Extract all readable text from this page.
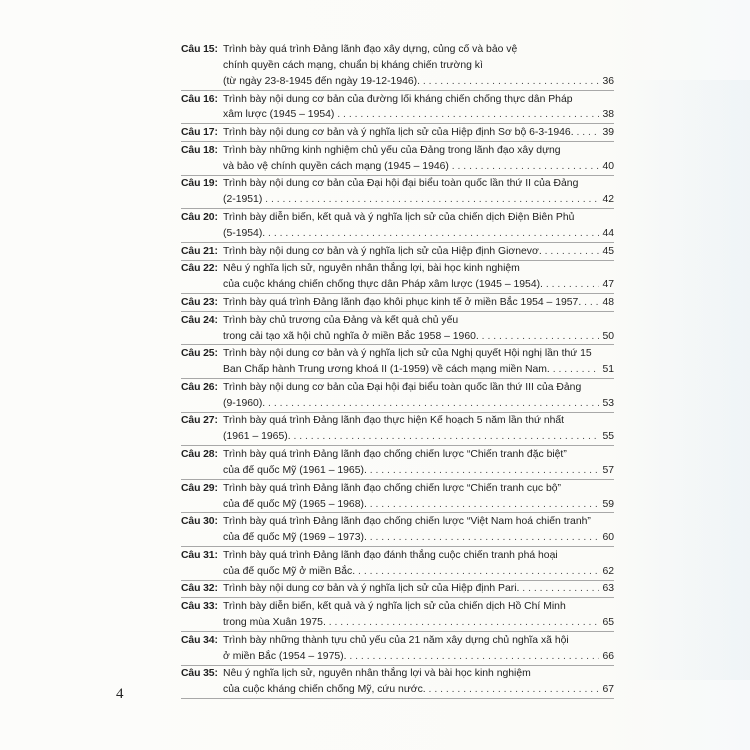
Câu 15: Trình bày quá trình Đảng lãnh đạo xây dựng, củng cố và bảo vệ
chính quyền cách mạng, chuẩn bị kháng chiến trường kì
(từ ngày 23-8-1945 đến ngày 19-12-1946). . . .	36
Câu 16: Trình bày nội dung cơ bản của đường lối kháng chiến chống thực dân Pháp
xâm lược (1945 – 1954) . . .	38
Câu 17: Trình bày nội dung cơ bản và ý nghĩa lịch sử của Hiệp định Sơ bộ 6-3-1946. . . .	39
Câu 18: Trình bày những kinh nghiệm chủ yếu của Đảng trong lãnh đạo xây dựng
và bảo vệ chính quyền cách mạng (1945 – 1946) . . .	40
Câu 19: Trình bày nội dung cơ bản của Đại hội đại biểu toàn quốc lần thứ II của Đảng
(2-1951) . . .	42
Câu 20: Trình bày diễn biến, kết quả và ý nghĩa lịch sử của chiến dịch Điện Biên Phủ
(5-1954). . . .	44
Câu 21: Trình bày nội dung cơ bản và ý nghĩa lịch sử của Hiệp định Giơnevơ. . . .	45
Câu 22: Nêu ý nghĩa lịch sử, nguyên nhân thắng lợi, bài học kinh nghiệm
của cuộc kháng chiến chống thực dân Pháp xâm lược (1945 – 1954). . . .	47
Câu 23: Trình bày quá trình Đảng lãnh đạo khôi phục kinh tế ở miền Bắc 1954 – 1957. . . . 48
Câu 24: Trình bày chủ trương của Đảng và kết quả chủ yếu
trong cải tạo xã hội chủ nghĩa ở miền Bắc 1958 – 1960. . . .	50
Câu 25: Trình bày nội dung cơ bản và ý nghĩa lịch sử của Nghị quyết Hội nghị lần thứ 15
Ban Chấp hành Trung ương khoá II (1-1959) về cách mạng miền Nam. . . .	51
Câu 26: Trình bày nội dung cơ bản của Đại hội đại biểu toàn quốc lần thứ III của Đảng
(9-1960). . . .	53
Câu 27: Trình bày quá trình Đảng lãnh đạo thực hiện Kế hoạch 5 năm lần thứ nhất
(1961 – 1965). . . .	55
Câu 28: Trình bày quá trình Đảng lãnh đạo chống chiến lược “Chiến tranh đặc biệt”
của đế quốc Mỹ (1961 – 1965). . . .	57
Câu 29: Trình bày quá trình Đảng lãnh đạo chống chiến lược “Chiến tranh cục bộ”
của đế quốc Mỹ (1965 – 1968). . . .	59
Câu 30: Trình bày quá trình Đảng lãnh đạo chống chiến lược “Việt Nam hoá chiến tranh”
của đế quốc Mỹ (1969 – 1973). . . .	60
Câu 31: Trình bày quá trình Đảng lãnh đạo đánh thắng cuộc chiến tranh phá hoại
của đế quốc Mỹ ở miền Bắc. . . .	62
Câu 32: Trình bày nội dung cơ bản và ý nghĩa lịch sử của Hiệp định Pari. . . .	63
Câu 33: Trình bày diễn biến, kết quả và ý nghĩa lịch sử của chiến dịch Hồ Chí Minh
trong mùa Xuân 1975. . . .	65
Câu 34: Trình bày những thành tựu chủ yếu của 21 năm xây dựng chủ nghĩa xã hội
ở miền Bắc (1954 – 1975). . . .	66
Câu 35: Nêu ý nghĩa lịch sử, nguyên nhân thắng lợi và bài học kinh nghiệm
của cuộc kháng chiến chống Mỹ, cứu nước. . . .	67
4
